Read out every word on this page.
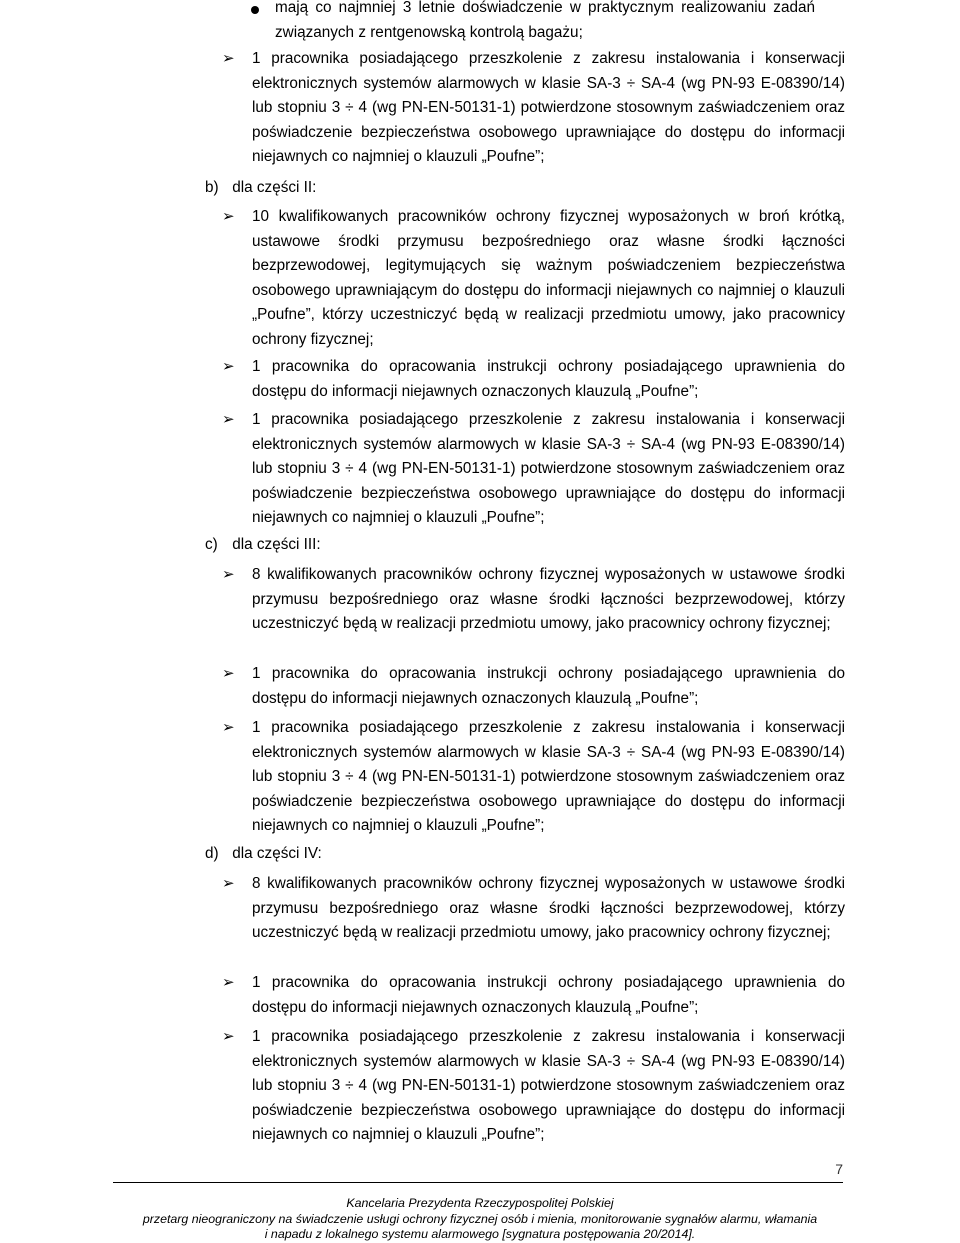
mają co najmniej 3 letnie doświadczenie w praktycznym realizowaniu zadań związanych z rentgenowską kontrolą bagażu;
➢ 1 pracownika posiadającego przeszkolenie z zakresu instalowania i konserwacji elektronicznych systemów alarmowych w klasie SA-3 ÷ SA-4 (wg PN-93 E-08390/14) lub stopniu 3 ÷ 4 (wg PN-EN-50131-1) potwierdzone stosownym zaświadczeniem oraz poświadczenie bezpieczeństwa osobowego uprawniające do dostępu do informacji niejawnych co najmniej o klauzuli „Poufne”;
b) dla części II:
➢ 10 kwalifikowanych pracowników ochrony fizycznej wyposażonych w broń krótką, ustawowe środki przymusu bezpośredniego oraz własne środki łączności bezprzewodowej, legitymujących się ważnym poświadczeniem bezpieczeństwa osobowego uprawniającym do dostępu do informacji niejawnych co najmniej o klauzuli „Poufne”, którzy uczestniczyć będą w realizacji przedmiotu umowy, jako pracownicy ochrony fizycznej;
➢ 1 pracownika do opracowania instrukcji ochrony posiadającego uprawnienia do dostępu do informacji niejawnych oznaczonych klauzulą „Poufne”;
➢ 1 pracownika posiadającego przeszkolenie z zakresu instalowania i konserwacji elektronicznych systemów alarmowych w klasie SA-3 ÷ SA-4 (wg PN-93 E-08390/14) lub stopniu 3 ÷ 4 (wg PN-EN-50131-1) potwierdzone stosownym zaświadczeniem oraz poświadczenie bezpieczeństwa osobowego uprawniające do dostępu do informacji niejawnych co najmniej o klauzuli „Poufne”;
c) dla części III:
➢ 8 kwalifikowanych pracowników ochrony fizycznej wyposażonych w ustawowe środki przymusu bezpośredniego oraz własne środki łączności bezprzewodowej, którzy uczestniczyć będą w realizacji przedmiotu umowy, jako pracownicy ochrony fizycznej;
➢ 1 pracownika do opracowania instrukcji ochrony posiadającego uprawnienia do dostępu do informacji niejawnych oznaczonych klauzulą „Poufne”;
➢ 1 pracownika posiadającego przeszkolenie z zakresu instalowania i konserwacji elektronicznych systemów alarmowych w klasie SA-3 ÷ SA-4 (wg PN-93 E-08390/14) lub stopniu 3 ÷ 4 (wg PN-EN-50131-1) potwierdzone stosownym zaświadczeniem oraz poświadczenie bezpieczeństwa osobowego uprawniające do dostępu do informacji niejawnych co najmniej o klauzuli „Poufne”;
d) dla części IV:
➢ 8 kwalifikowanych pracowników ochrony fizycznej wyposażonych w ustawowe środki przymusu bezpośredniego oraz własne środki łączności bezprzewodowej, którzy uczestniczyć będą w realizacji przedmiotu umowy, jako pracownicy ochrony fizycznej;
➢ 1 pracownika do opracowania instrukcji ochrony posiadającego uprawnienia do dostępu do informacji niejawnych oznaczonych klauzulą „Poufne”;
➢ 1 pracownika posiadającego przeszkolenie z zakresu instalowania i konserwacji elektronicznych systemów alarmowych w klasie SA-3 ÷ SA-4 (wg PN-93 E-08390/14) lub stopniu 3 ÷ 4 (wg PN-EN-50131-1) potwierdzone stosownym zaświadczeniem oraz poświadczenie bezpieczeństwa osobowego uprawniające do dostępu do informacji niejawnych co najmniej o klauzuli „Poufne”;
7
Kancelaria Prezydenta Rzeczypospolitej Polskiej
przetarg nieograniczony na świadczenie usługi ochrony fizycznej osób i mienia, monitorowanie sygnałów alarmu, włamania
i napadu z lokalnego systemu alarmowego [sygnatura postępowania 20/2014].
